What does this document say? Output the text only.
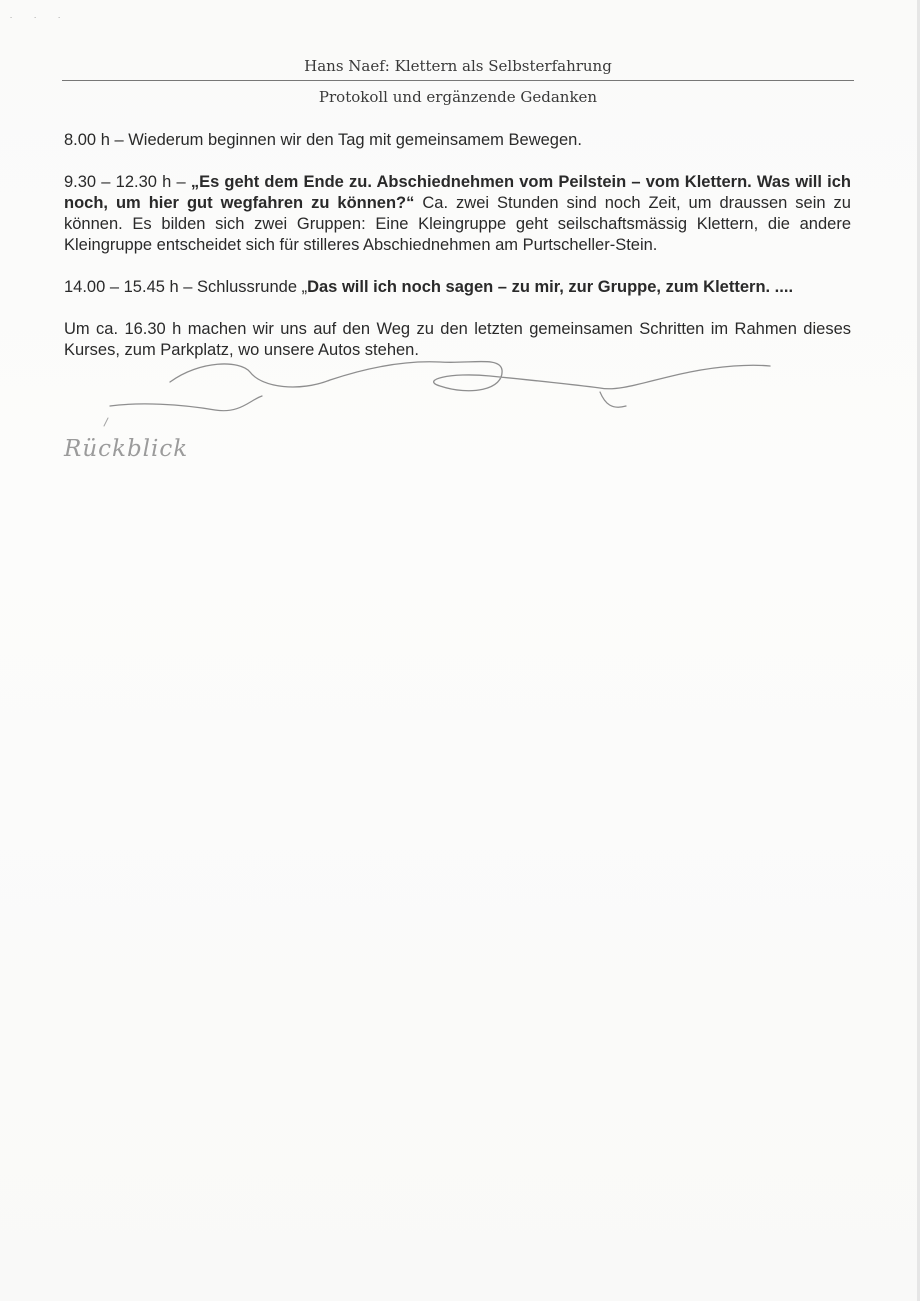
- - -
Hans Naef: Klettern als Selbsterfahrung
Protokoll und ergänzende Gedanken

8.00 h – Wiederum beginnen wir den Tag mit gemeinsamem Bewegen.

9.30 – 12.30 h – „Es geht dem Ende zu. Abschiednehmen vom Peilstein – vom Klettern. Was will ich noch, um hier gut wegfahren zu können?“ Ca. zwei Stunden sind noch Zeit, um draussen sein zu können. Es bilden sich zwei Gruppen: Eine Kleingruppe geht seilschaftsmässig Klettern, die andere Kleingruppe entscheidet sich für stilleres Abschiednehmen am Purtscheller-Stein.

14.00 – 15.45 h – Schlussrunde „Das will ich noch sagen – zu mir, zur Gruppe, zum Klettern. ....

Um ca. 16.30 h machen wir uns auf den Weg zu den letzten gemeinsamen Schritten im Rahmen dieses Kurses, zum Parkplatz, wo unsere Autos stehen.

Rückblick
